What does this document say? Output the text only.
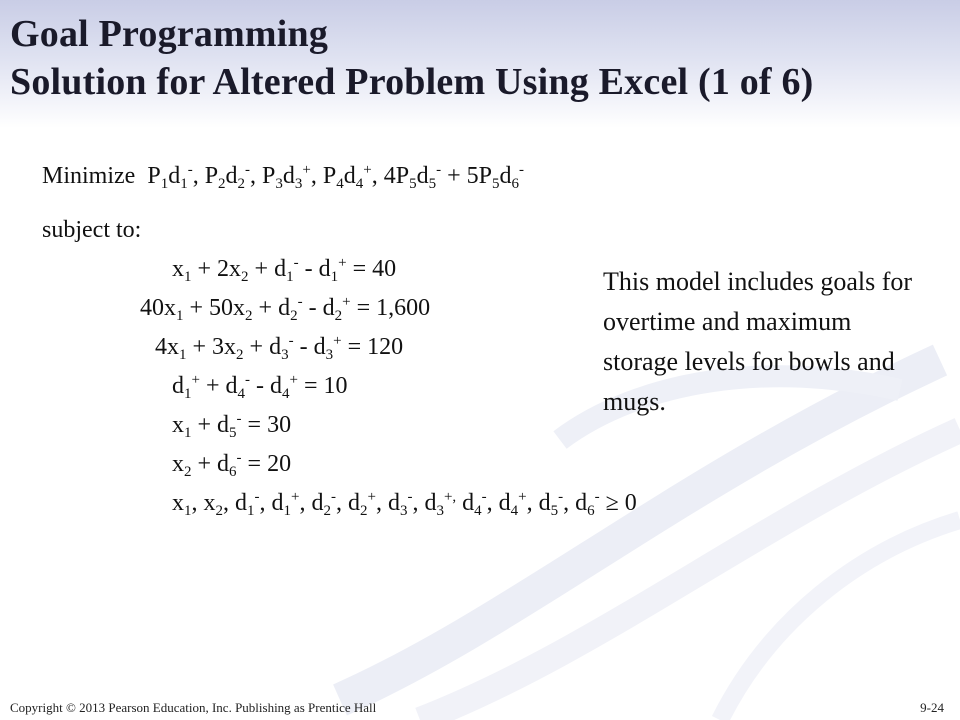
Goal Programming
Solution for Altered Problem Using Excel (1 of 6)
Minimize  $P_1d_1^-$, $P_2d_2^-$, $P_3d_3^+$, $P_4d_4^+$, $4P_5d_5^- + 5P_5d_6^-$
subject to:
$x_1 + 2x_2 + d_1^- - d_1^+ = 40$
$40x_1 + 50x_2 + d_2^- - d_2^+ = 1,600$
$4x_1 + 3x_2 + d_3^- - d_3^+ = 120$
$d_1^+ + d_4^- - d_4^+ = 10$
$x_1 + d_5^- = 30$
$x_2 + d_6^- = 20$
$x_1$, $x_2$, $d_1^-$, $d_1^+$, $d_2^-$, $d_2^+$, $d_3^-$, $d_3^{+,}$ $d_4^-$, $d_4^+$, $d_5^-$, $d_6^- \ge 0$
This model includes goals for overtime and maximum storage levels for bowls and mugs.
Copyright © 2013 Pearson Education, Inc. Publishing as Prentice Hall	9-24
